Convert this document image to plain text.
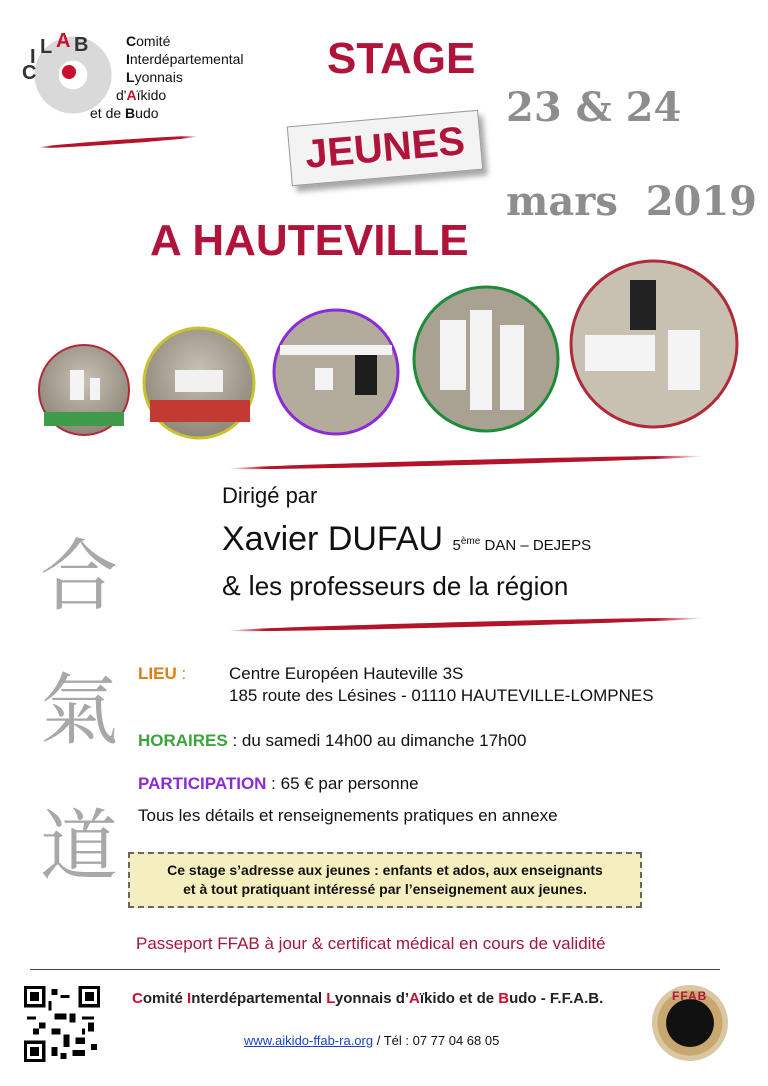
C
I L A B	Comité
Interdépartemental
Lyonnais
d'Aïkido
et de Budo
STAGE
JEUNES
A HAUTEVILLE
23 & 24
mars  2019
Dirigé par
Xavier DUFAU 5ème DAN – DEJEPS
& les professeurs de la région
合
氣
道
LIEU :	Centre Européen Hauteville 3S
185 route des Lésines - 01110 HAUTEVILLE-LOMPNES
HORAIRES : du samedi 14h00 au dimanche 17h00
PARTICIPATION : 65 € par personne
Tous les détails et renseignements pratiques en annexe
Ce stage s’adresse aux jeunes : enfants et ados, aux enseignants
et à tout pratiquant intéressé par l’enseignement aux jeunes.
Passeport FFAB à jour & certificat médical en cours de validité
Comité Interdépartemental Lyonnais d’Aïkido et de Budo - F.F.A.B.
www.aikido-ffab-ra.org / Tél : 07 77 04 68 05
FFAB
